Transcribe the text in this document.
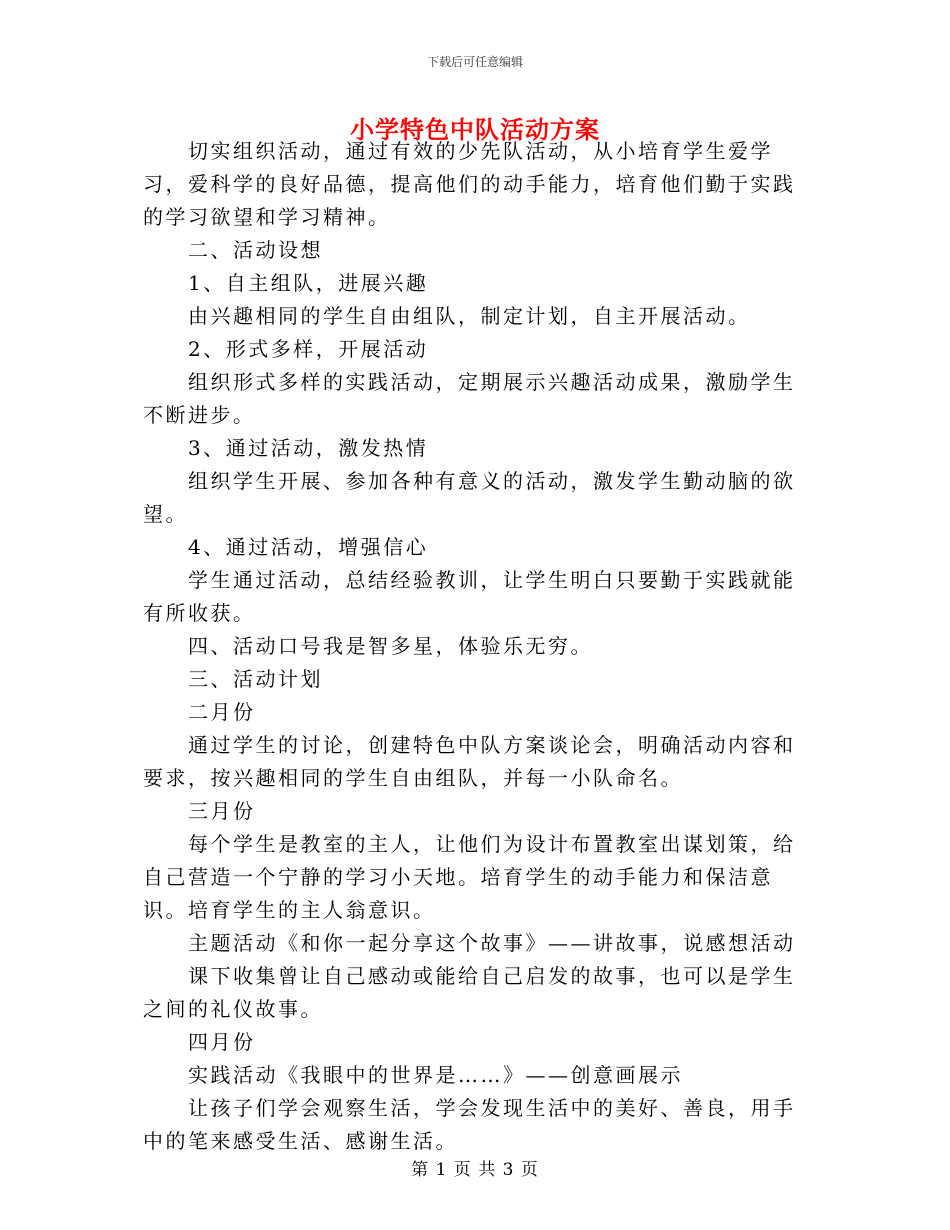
下载后可任意编辑
小学特色中队活动方案

切实组织活动，通过有效的少先队活动，从小培育学生爱学习，爱科学的良好品德，提高他们的动手能力，培育他们勤于实践的学习欲望和学习精神。

二、活动设想

1、自主组队，进展兴趣

由兴趣相同的学生自由组队，制定计划，自主开展活动。

2、形式多样，开展活动

组织形式多样的实践活动，定期展示兴趣活动成果，激励学生不断进步。

3、通过活动，激发热情

组织学生开展、参加各种有意义的活动，激发学生勤动脑的欲望。

4、通过活动，增强信心

学生通过活动，总结经验教训，让学生明白只要勤于实践就能有所收获。

四、活动口号我是智多星，体验乐无穷。

三、活动计划

二月份

通过学生的讨论，创建特色中队方案谈论会，明确活动内容和要求，按兴趣相同的学生自由组队，并每一小队命名。

三月份

每个学生是教室的主人，让他们为设计布置教室出谋划策，给自己营造一个宁静的学习小天地。培育学生的动手能力和保洁意识。培育学生的主人翁意识。

主题活动《和你一起分享这个故事》——讲故事，说感想活动

课下收集曾让自己感动或能给自己启发的故事，也可以是学生之间的礼仪故事。

四月份

实践活动《我眼中的世界是……》——创意画展示

让孩子们学会观察生活，学会发现生活中的美好、善良，用手中的笔来感受生活、感谢生活。

第 1 页 共 3 页
